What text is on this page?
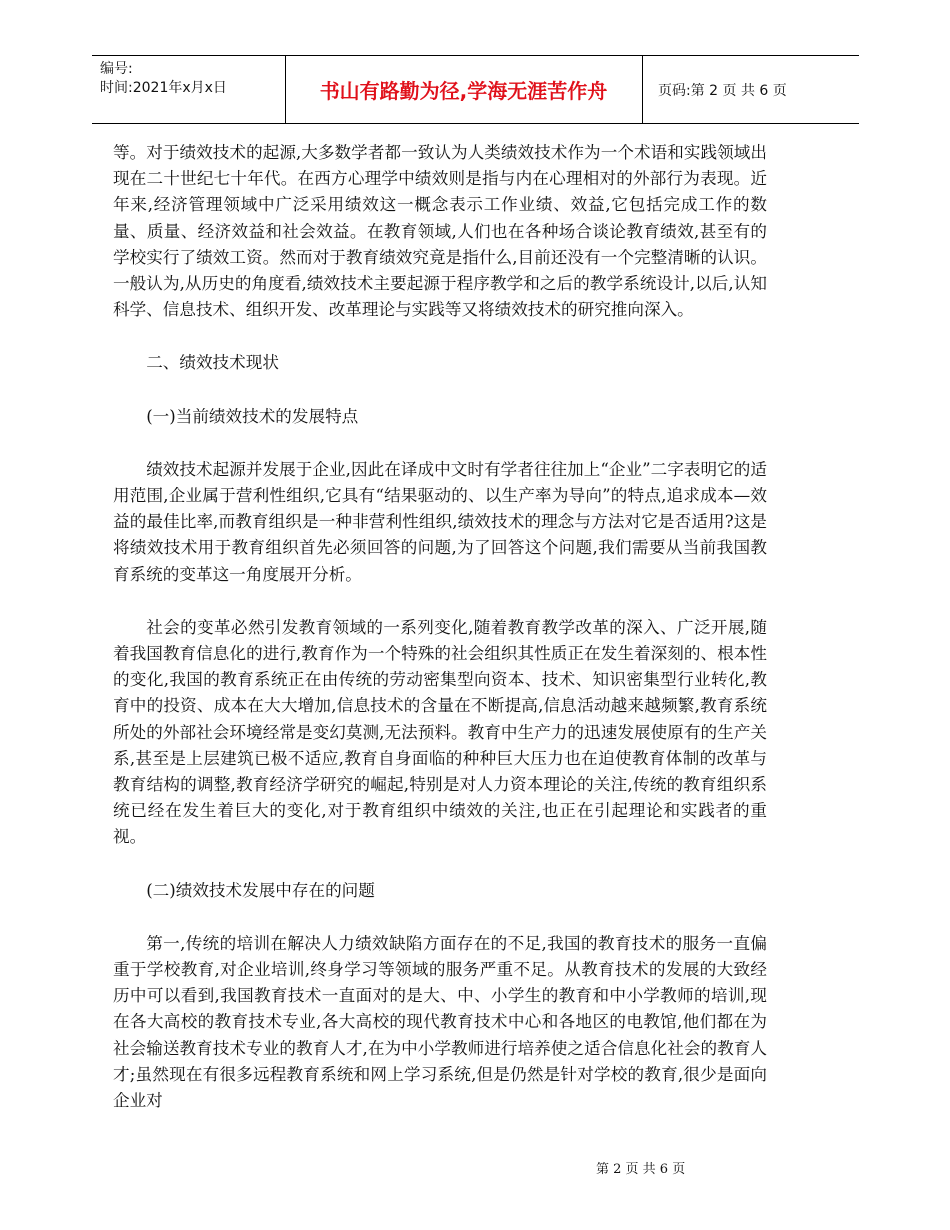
编号:
时间:2021年x月x日	书山有路勤为径,学海无涯苦作舟	页码:第 2 页 共 6 页

等。对于绩效技术的起源,大多数学者都一致认为人类绩效技术作为一个术语和实践领域出现在二十世纪七十年代。在西方心理学中绩效则是指与内在心理相对的外部行为表现。近年来,经济管理领域中广泛采用绩效这一概念表示工作业绩、效益,它包括完成工作的数量、质量、经济效益和社会效益。在教育领域,人们也在各种场合谈论教育绩效,甚至有的学校实行了绩效工资。然而对于教育绩效究竟是指什么,目前还没有一个完整清晰的认识。一般认为,从历史的角度看,绩效技术主要起源于程序教学和之后的教学系统设计,以后,认知科学、信息技术、组织开发、改革理论与实践等又将绩效技术的研究推向深入。

二、绩效技术现状

(一)当前绩效技术的发展特点

绩效技术起源并发展于企业,因此在译成中文时有学者往往加上“企业”二字表明它的适用范围,企业属于营利性组织,它具有“结果驱动的、以生产率为导向”的特点,追求成本—效益的最佳比率,而教育组织是一种非营利性组织,绩效技术的理念与方法对它是否适用?这是将绩效技术用于教育组织首先必须回答的问题,为了回答这个问题,我们需要从当前我国教育系统的变革这一角度展开分析。

社会的变革必然引发教育领域的一系列变化,随着教育教学改革的深入、广泛开展,随着我国教育信息化的进行,教育作为一个特殊的社会组织其性质正在发生着深刻的、根本性的变化,我国的教育系统正在由传统的劳动密集型向资本、技术、知识密集型行业转化,教育中的投资、成本在大大增加,信息技术的含量在不断提高,信息活动越来越频繁,教育系统所处的外部社会环境经常是变幻莫测,无法预料。教育中生产力的迅速发展使原有的生产关系,甚至是上层建筑已极不适应,教育自身面临的种种巨大压力也在迫使教育体制的改革与教育结构的调整,教育经济学研究的崛起,特别是对人力资本理论的关注,传统的教育组织系统已经在发生着巨大的变化,对于教育组织中绩效的关注,也正在引起理论和实践者的重视。

(二)绩效技术发展中存在的问题

第一,传统的培训在解决人力绩效缺陷方面存在的不足,我国的教育技术的服务一直偏重于学校教育,对企业培训,终身学习等领域的服务严重不足。从教育技术的发展的大致经历中可以看到,我国教育技术一直面对的是大、中、小学生的教育和中小学教师的培训,现在各大高校的教育技术专业,各大高校的现代教育技术中心和各地区的电教馆,他们都在为社会输送教育技术专业的教育人才,在为中小学教师进行培养使之适合信息化社会的教育人才;虽然现在有很多远程教育系统和网上学习系统,但是仍然是针对学校的教育,很少是面向企业对

第 2 页 共 6 页
